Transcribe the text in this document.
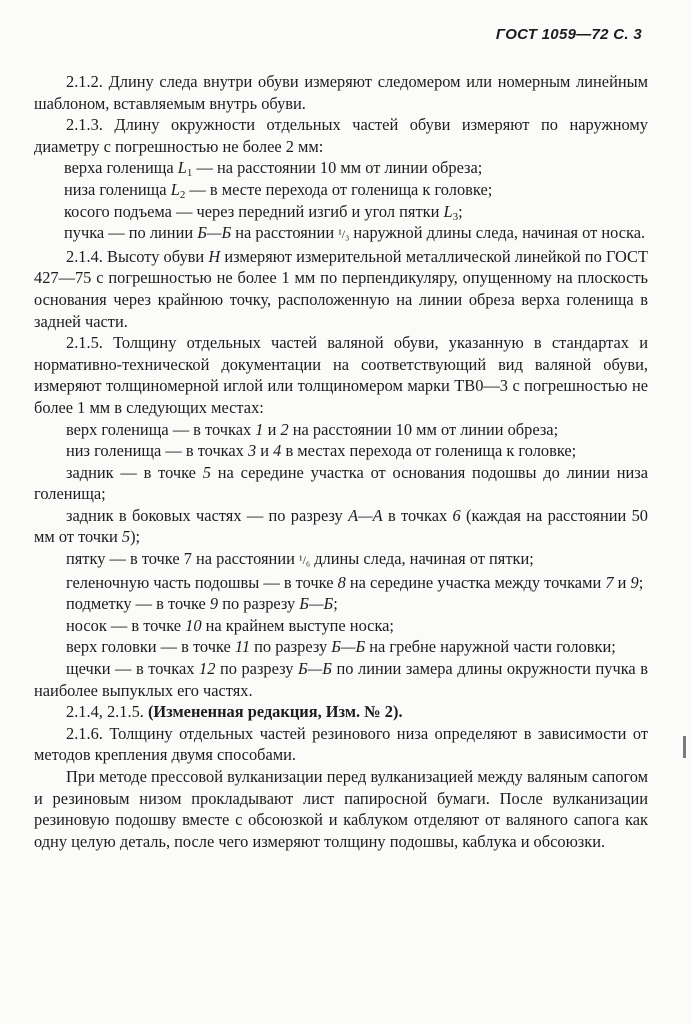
ГОСТ 1059—72 С. 3

2.1.2. Длину следа внутри обуви измеряют следомером или номерным линейным шаблоном, вставляемым внутрь обуви.

2.1.3. Длину окружности отдельных частей обуви измеряют по наружному диаметру с погрешностью не более 2 мм:

верха голенища $L_1$ — на расстоянии 10 мм от линии обреза;

низа голенища $L_2$ — в месте перехода от голенища к головке;

косого подъема — через передний изгиб и угол пятки $L_3$;

пучка — по линии Б—Б на расстоянии ¹/₃ наружной длины следа, начиная от носка.

2.1.4. Высоту обуви Н измеряют измерительной металлической линейкой по ГОСТ 427—75 с погрешностью не более 1 мм по перпендикуляру, опущенному на плоскость основания через крайнюю точку, расположенную на линии обреза верха голенища в задней части.

2.1.5. Толщину отдельных частей валяной обуви, указанную в стандартах и нормативно-технической документации на соответствующий вид валяной обуви, измеряют толщиномерной иглой или толщиномером марки ТВ0—3 с погрешностью не более 1 мм в следующих местах:

верх голенища — в точках 1 и 2 на расстоянии 10 мм от линии обреза;

низ голенища — в точках 3 и 4 в местах перехода от голенища к головке;

задник — в точке 5 на середине участка от основания подошвы до линии низа голенища;

задник в боковых частях — по разрезу А—А в точках 6 (каждая на расстоянии 50 мм от точки 5);

пятку — в точке 7 на расстоянии ¹/₆ длины следа, начиная от пятки;

геленочную часть подошвы — в точке 8 на середине участка между точками 7 и 9;

подметку — в точке 9 по разрезу Б—Б;

носок — в точке 10 на крайнем выступе носка;

верх головки — в точке 11 по разрезу Б—Б на гребне наружной части головки;

щечки — в точках 12 по разрезу Б—Б по линии замера длины окружности пучка в наиболее выпуклых его частях.

2.1.4, 2.1.5. (Измененная редакция, Изм. № 2).

2.1.6. Толщину отдельных частей резинового низа определяют в зависимости от методов крепления двумя способами.

При методе прессовой вулканизации перед вулканизацией между валяным сапогом и резиновым низом прокладывают лист папиросной бумаги. После вулканизации резиновую подошву вместе с обсоюзкой и каблуком отделяют от валяного сапога как одну целую деталь, после чего измеряют толщину подошвы, каблука и обсоюзки.
